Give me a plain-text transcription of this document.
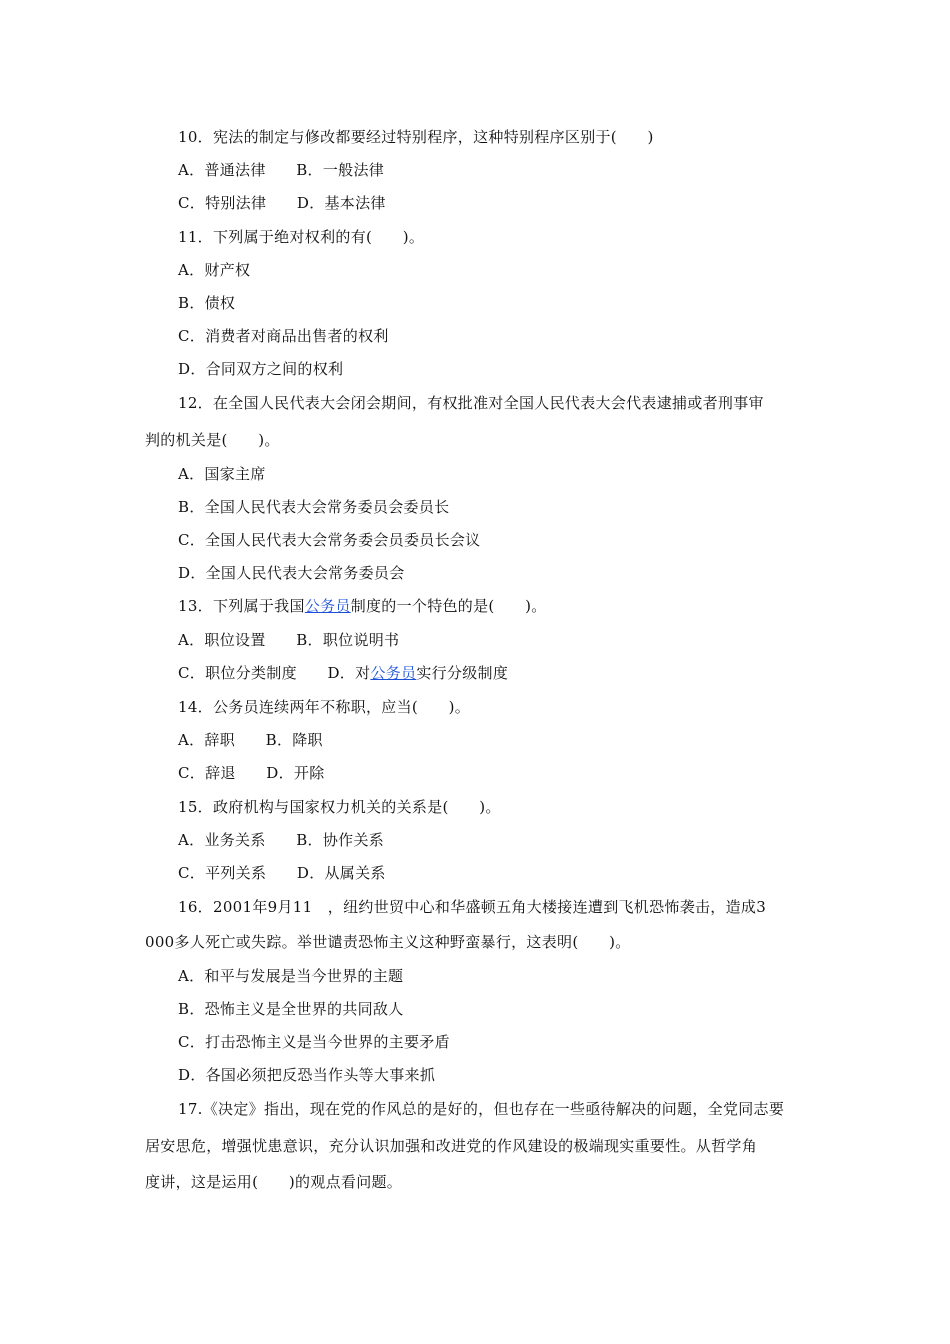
10．宪法的制定与修改都要经过特别程序，这种特别程序区别于(　　)
A．普通法律　　B．一般法律
C．特别法律　　D．基本法律
11．下列属于绝对权利的有(　　)。
A．财产权
B．债权
C．消费者对商品出售者的权利
D．合同双方之间的权利
12．在全国人民代表大会闭会期间，有权批准对全国人民代表大会代表逮捕或者刑事审
判的机关是(　　)。
A．国家主席
B．全国人民代表大会常务委员会委员长
C．全国人民代表大会常务委会员委员长会议
D．全国人民代表大会常务委员会
13．下列属于我国公务员制度的一个特色的是(　　)。
A．职位设置　　B．职位说明书
C．职位分类制度　　D．对公务员实行分级制度
14．公务员连续两年不称职，应当(　　)。
A．辞职　　B．降职
C．辞退　　D．开除
15．政府机构与国家权力机关的关系是(　　)。
A．业务关系　　B．协作关系
C．平列关系　　D．从属关系
16．2001年9月11　，纽约世贸中心和华盛顿五角大楼接连遭到飞机恐怖袭击，造成3
000多人死亡或失踪。举世谴责恐怖主义这种野蛮暴行，这表明(　　)。
A．和平与发展是当今世界的主题
B．恐怖主义是全世界的共同敌人
C．打击恐怖主义是当今世界的主要矛盾
D．各国必须把反恐当作头等大事来抓
17.《决定》指出，现在党的作风总的是好的，但也存在一些亟待解决的问题，全党同志要
居安思危，增强忧患意识，充分认识加强和改进党的作风建设的极端现实重要性。从哲学角
度讲，这是运用(　　)的观点看问题。
